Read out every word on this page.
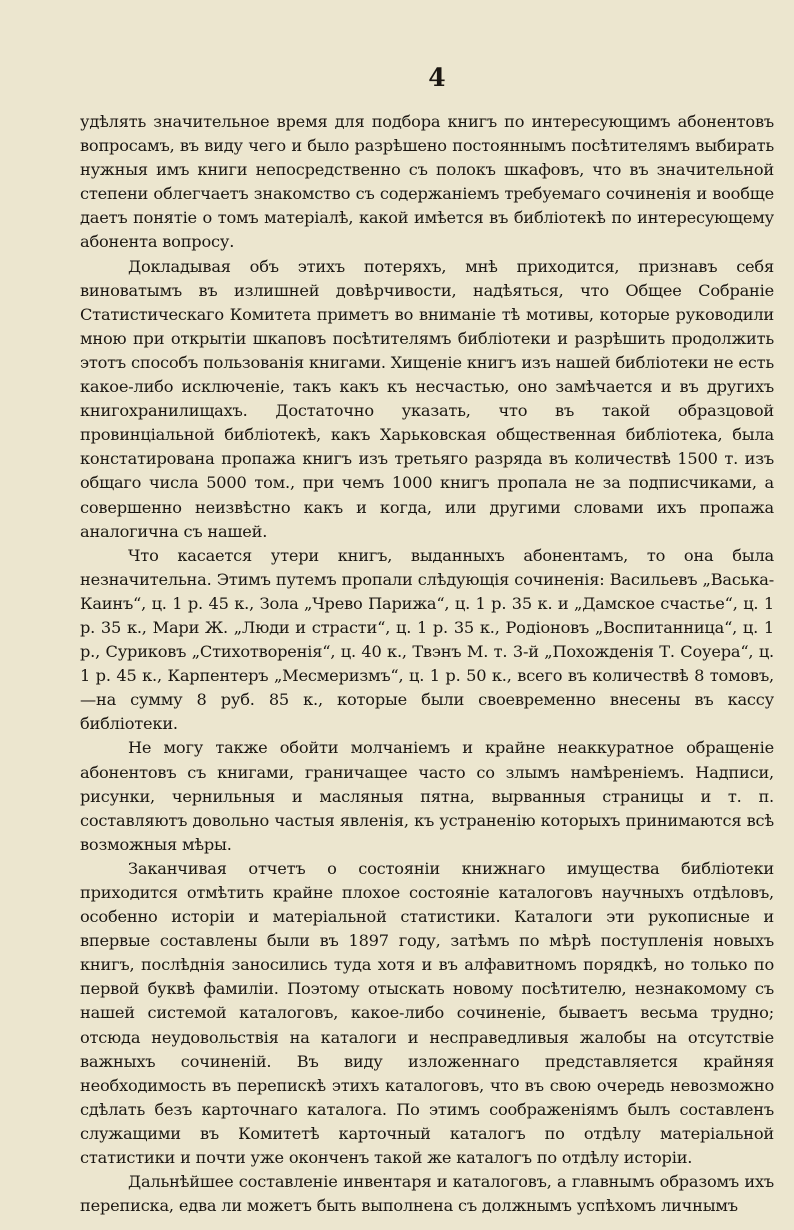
4

удѣлять значительное время для подбора книгъ по интересующимъ абонентовъ вопросамъ, въ виду чего и было разрѣшено постояннымъ посѣтителямъ выбирать нужныя имъ книги непосредственно съ полокъ шкафовъ, что въ значительной степени облегчаетъ знакомство съ содержаніемъ требуемаго сочиненія и вообще даетъ понятіе о томъ матеріалѣ, какой имѣется въ библіотекѣ по интересующему абонента вопросу.

Докладывая объ этихъ потеряхъ, мнѣ приходится, признавъ себя виноватымъ въ излишней довѣрчивости, надѣяться, что Общее Собраніе Статистическаго Комитета приметъ во вниманіе тѣ мотивы, которые руководили мною при открытіи шкаповъ посѣтителямъ библіотеки и разрѣшить продолжить этотъ способъ пользованія книгами. Хищеніе книгъ изъ нашей библіотеки не есть какое-либо исключеніе, такъ какъ къ несчастью, оно замѣчается и въ другихъ книгохранилищахъ. Достаточно указать, что въ такой образцовой провинціальной библіотекѣ, какъ Харьковская общественная библіотека, была констатирована пропажа книгъ изъ третьяго разряда въ количествѣ 1500 т. изъ общаго числа 5000 том., при чемъ 1000 книгъ пропала не за подписчиками, а совершенно неизвѣстно какъ и когда, или другими словами ихъ пропажа аналогична съ нашей.

Что касается утери книгъ, выданныхъ абонентамъ, то она была незначительна. Этимъ путемъ пропали слѣдующія сочиненія: Васильевъ „Васька-Каинъ“, ц. 1 р. 45 к., Зола „Чрево Парижа“, ц. 1 р. 35 к. и „Дамское счастье“, ц. 1 р. 35 к., Мари Ж. „Люди и страсти“, ц. 1 р. 35 к., Родіоновъ „Воспитанница“, ц. 1 р., Суриковъ „Стихотворенія“, ц. 40 к., Твэнъ М. т. 3-й „Похожденія Т. Соуера“, ц. 1 р. 45 к., Карпентеръ „Месмеризмъ“, ц. 1 р. 50 к., всего въ количествѣ 8 томовъ,—на сумму 8 руб. 85 к., которые были своевременно внесены въ кассу библіотеки.

Не могу также обойти молчаніемъ и крайне неаккуратное обращеніе абонентовъ съ книгами, граничащее часто со злымъ намѣреніемъ. Надписи, рисунки, чернильныя и масляныя пятна, вырванныя страницы и т. п. составляютъ довольно частыя явленія, къ устраненію которыхъ принимаются всѣ возможныя мѣры.

Заканчивая отчетъ о состояніи книжнаго имущества библіотеки приходится отмѣтить крайне плохое состояніе каталоговъ научныхъ отдѣловъ, особенно исторіи и матеріальной статистики. Каталоги эти рукописные и впервые составлены были въ 1897 году, затѣмъ по мѣрѣ поступленія новыхъ книгъ, послѣднія заносились туда хотя и въ алфавитномъ порядкѣ, но только по первой буквѣ фамиліи. Поэтому отыскать новому посѣтителю, незнакомому съ нашей системой каталоговъ, какое-либо сочиненіе, бываетъ весьма трудно; отсюда неудовольствія на каталоги и несправедливыя жалобы на отсутствіе важныхъ сочиненій. Въ виду изложеннаго представляется крайняя необходимость въ перепискѣ этихъ каталоговъ, что въ свою очередь невозможно сдѣлать безъ карточнаго каталога. По этимъ соображеніямъ былъ составленъ служащими въ Комитетѣ карточный каталогъ по отдѣлу матеріальной статистики и почти уже оконченъ такой же каталогъ по отдѣлу исторіи.

Дальнѣйшее составленіе инвентаря и каталоговъ, а главнымъ образомъ ихъ переписка, едва ли можетъ быть выполнена съ должнымъ успѣхомъ личнымъ
